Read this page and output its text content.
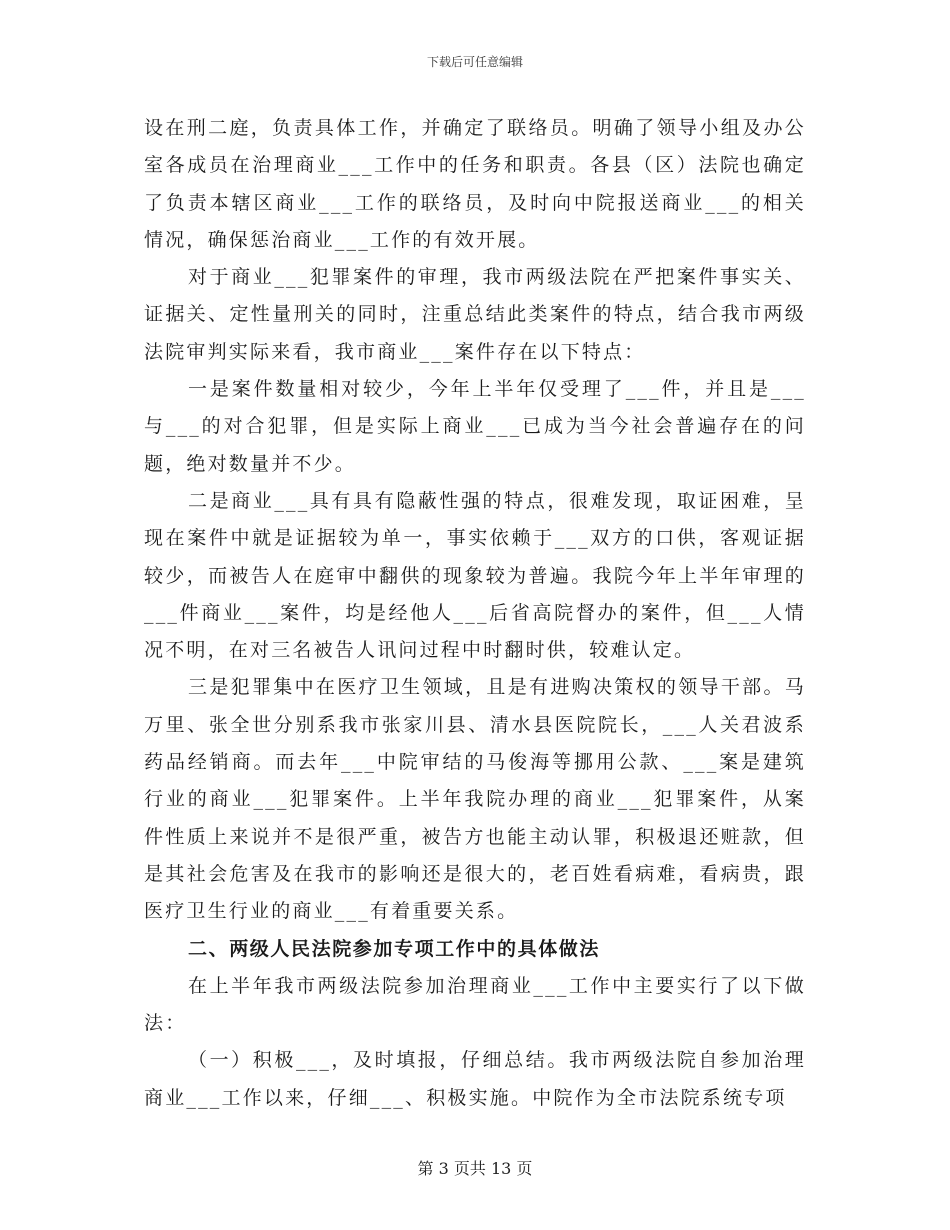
下载后可任意编辑

设在刑二庭，负责具体工作，并确定了联络员。明确了领导小组及办公室各成员在治理商业___工作中的任务和职责。各县（区）法院也确定了负责本辖区商业___工作的联络员，及时向中院报送商业___的相关情况，确保惩治商业___工作的有效开展。

对于商业___犯罪案件的审理，我市两级法院在严把案件事实关、证据关、定性量刑关的同时，注重总结此类案件的特点，结合我市两级法院审判实际来看，我市商业___案件存在以下特点：

一是案件数量相对较少，今年上半年仅受理了___件，并且是___与___的对合犯罪，但是实际上商业___已成为当今社会普遍存在的问题，绝对数量并不少。

二是商业___具有具有隐蔽性强的特点，很难发现，取证困难，呈现在案件中就是证据较为单一，事实依赖于___双方的口供，客观证据较少，而被告人在庭审中翻供的现象较为普遍。我院今年上半年审理的___件商业___案件，均是经他人___后省高院督办的案件，但___人情况不明，在对三名被告人讯问过程中时翻时供，较难认定。

三是犯罪集中在医疗卫生领域，且是有进购决策权的领导干部。马万里、张全世分别系我市张家川县、清水县医院院长，___人关君波系药品经销商。而去年___中院审结的马俊海等挪用公款、___案是建筑行业的商业___犯罪案件。上半年我院办理的商业___犯罪案件，从案件性质上来说并不是很严重，被告方也能主动认罪，积极退还赃款，但是其社会危害及在我市的影响还是很大的，老百姓看病难，看病贵，跟医疗卫生行业的商业___有着重要关系。

二、两级人民法院参加专项工作中的具体做法

在上半年我市两级法院参加治理商业___工作中主要实行了以下做法：

（一）积极___，及时填报，仔细总结。我市两级法院自参加治理商业___工作以来，仔细___、积极实施。中院作为全市法院系统专项

第 3 页共 13 页
